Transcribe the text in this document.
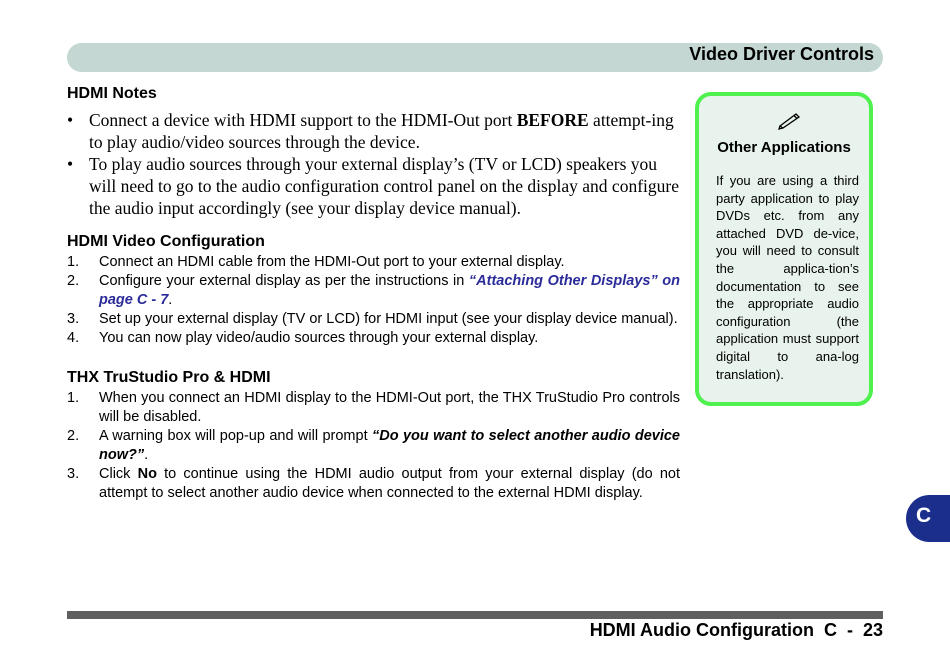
Video Driver Controls
HDMI Notes
• Connect a device with HDMI support to the HDMI-Out port BEFORE attempt-ing to play audio/video sources through the device.
• To play audio sources through your external display’s (TV or LCD) speakers you will need to go to the audio configuration control panel on the display and configure the audio input accordingly (see your display device manual).
HDMI Video Configuration
1. Connect an HDMI cable from the HDMI-Out port to your external display.
2. Configure your external display as per the instructions in “Attaching Other Displays” on page C - 7.
3. Set up your external display (TV or LCD) for HDMI input (see your display device manual).
4. You can now play video/audio sources through your external display.
THX TruStudio Pro & HDMI
1. When you connect an HDMI display to the HDMI-Out port, the THX TruStudio Pro controls will be disabled.
2. A warning box will pop-up and will prompt “Do you want to select another audio device now?”.
3. Click No to continue using the HDMI audio output from your external display (do not attempt to select another audio device when connected to the external HDMI display.
Other Applications
If you are using a third party application to play DVDs etc. from any attached DVD de-vice, you will need to consult the applica-tion’s documentation to see the appropriate audio configuration (the application must support digital to ana-log translation).
C
HDMI Audio Configuration  C  -  23
